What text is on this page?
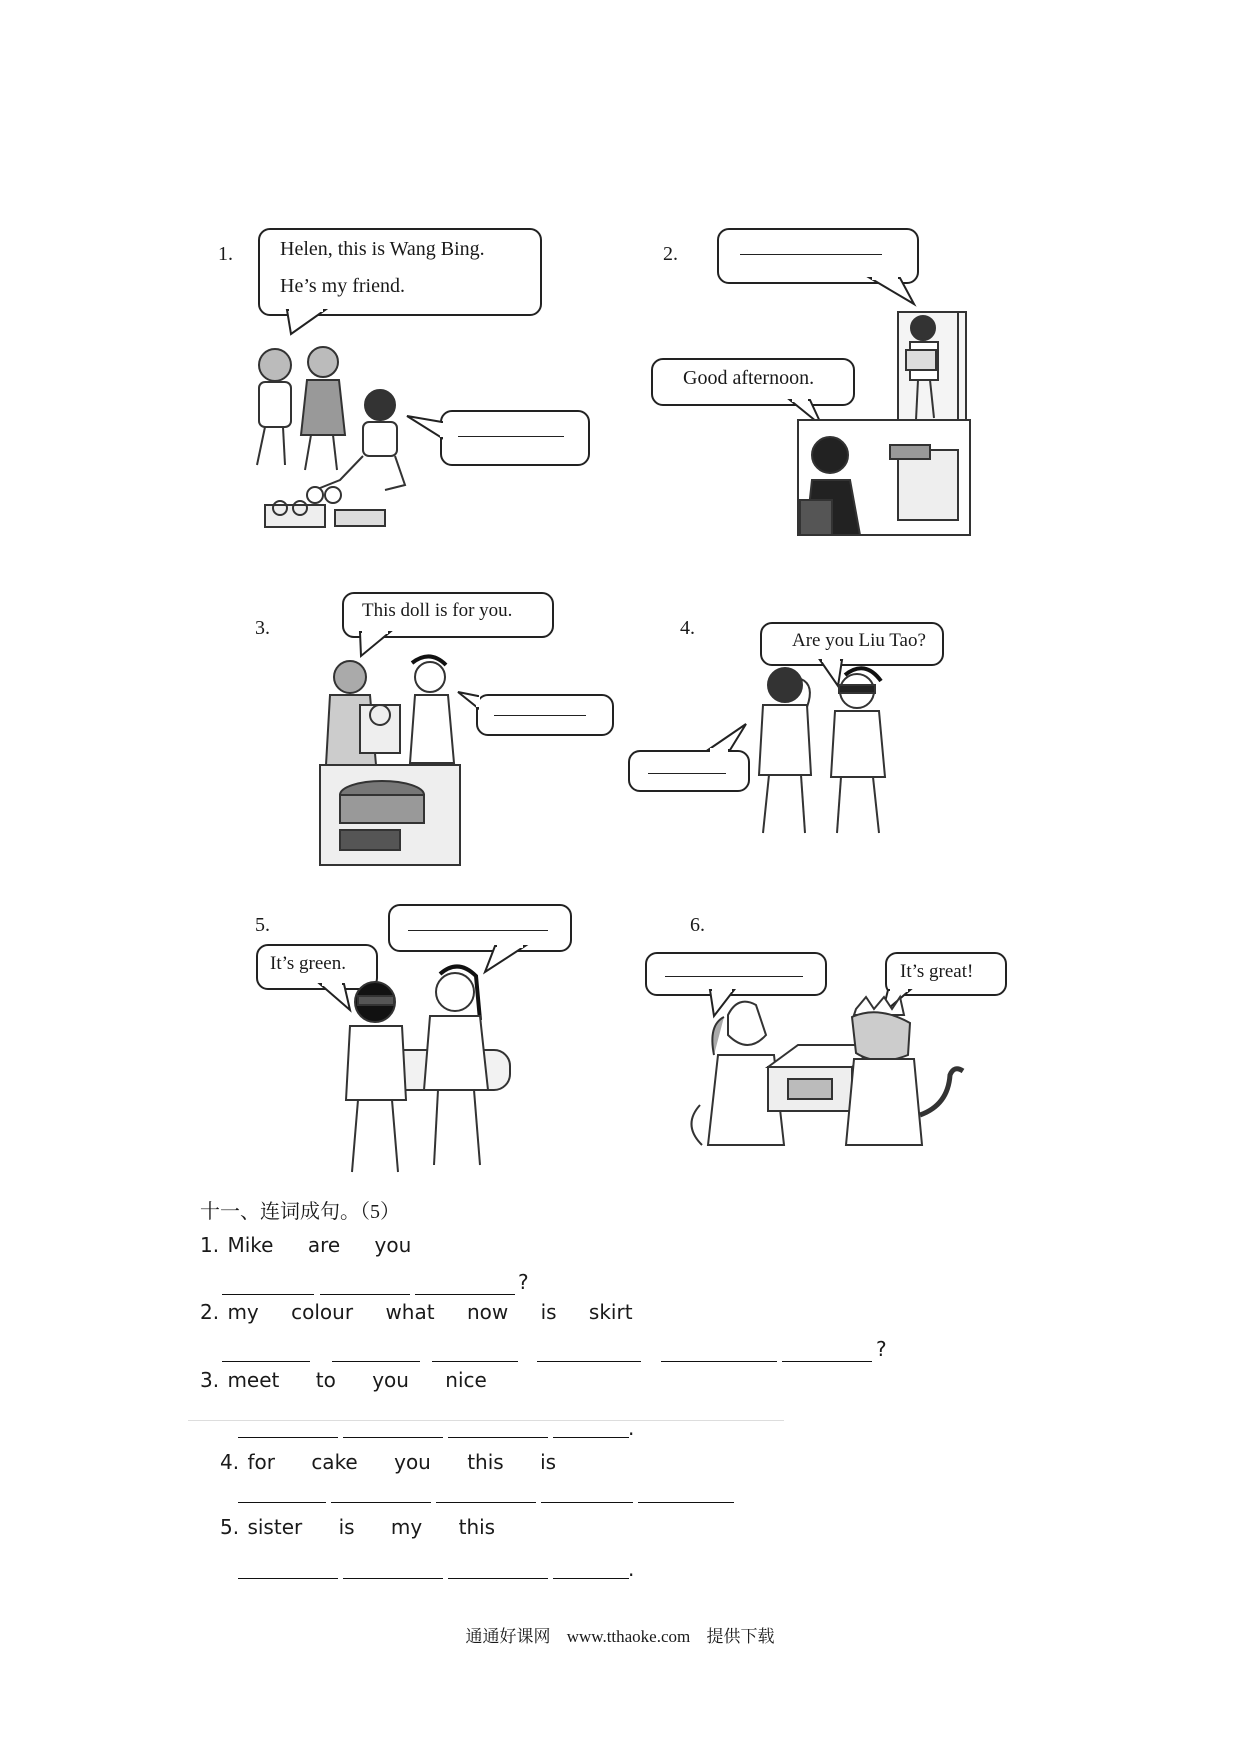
1. Helen, this is Wang Bing.
He’s my friend.
2.
Good afternoon.
3.
This doll is for you.
4.
Are you Liu Tao?
5.
It’s green.
6.
It’s great!
十一、连词成句。（5）
1. Mike are you
?
2. my colour what now is skirt
?
3. meet to you nice
.
4. for cake you this is
5. sister is my this
.
通通好课网 www.tthaoke.com 提供下载
